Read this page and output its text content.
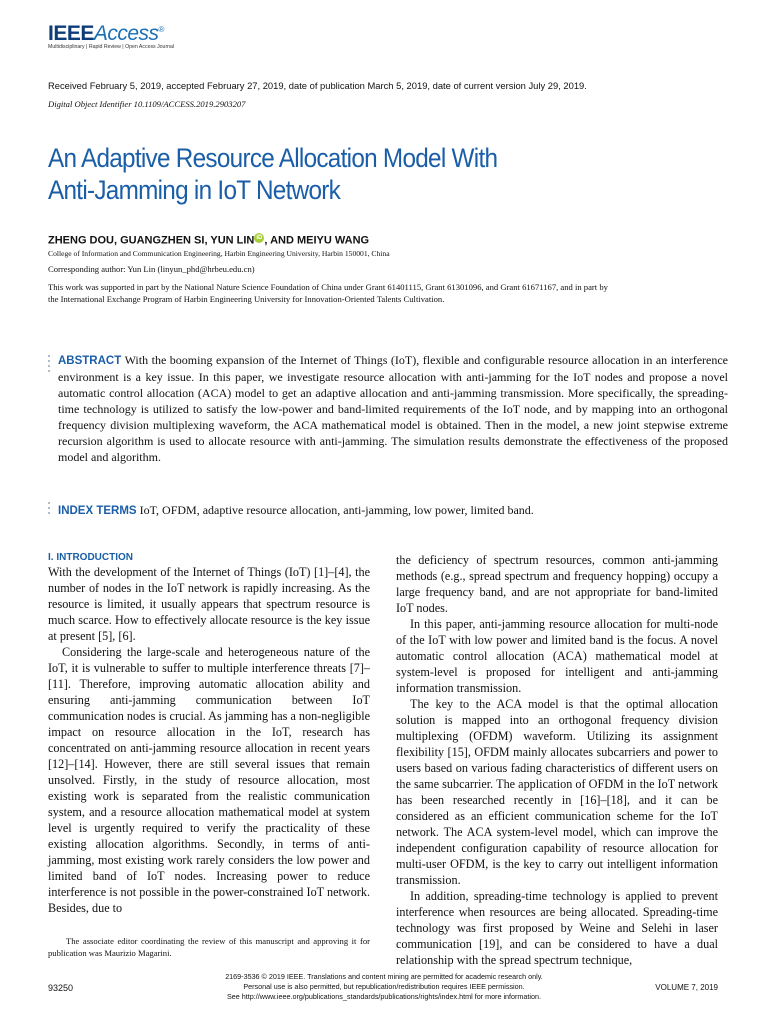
IEEEAccess®
Multidisciplinary | Rapid Review | Open Access Journal
Received February 5, 2019, accepted February 27, 2019, date of publication March 5, 2019, date of current version July 29, 2019.
Digital Object Identifier 10.1109/ACCESS.2019.2903207
An Adaptive Resource Allocation Model With
Anti-Jamming in IoT Network
ZHENG DOU, GUANGZHEN SI, YUN LIN iD , AND MEIYU WANG
College of Information and Communication Engineering, Harbin Engineering University, Harbin 150001, China
Corresponding author: Yun Lin (linyun_phd@hrbeu.edu.cn)
This work was supported in part by the National Nature Science Foundation of China under Grant 61401115, Grant 61301096, and Grant 61671167, and in part by the International Exchange Program of Harbin Engineering University for Innovation-Oriented Talents Cultivation.
ABSTRACT With the booming expansion of the Internet of Things (IoT), flexible and configurable resource allocation in an interference environment is a key issue. In this paper, we investigate resource allocation with anti-jamming for the IoT nodes and propose a novel automatic control allocation (ACA) model to get an adaptive allocation and anti-jamming transmission. More specifically, the spreading-time technology is utilized to satisfy the low-power and band-limited requirements of the IoT node, and by mapping into an orthogonal frequency division multiplexing waveform, the ACA mathematical model is obtained. Then in the model, a new joint stepwise extreme recursion algorithm is used to allocate resource with anti-jamming. The simulation results demonstrate the effectiveness of the proposed model and algorithm.
INDEX TERMS IoT, OFDM, adaptive resource allocation, anti-jamming, low power, limited band.
I. INTRODUCTION

With the development of the Internet of Things (IoT) [1]–[4], the number of nodes in the IoT network is rapidly increasing. As the resource is limited, it usually appears that spectrum resource is much scarce. How to effectively allocate resource is the key issue at present [5], [6].

Considering the large-scale and heterogeneous nature of the IoT, it is vulnerable to suffer to multiple interference threats [7]–[11]. Therefore, improving automatic allocation ability and ensuring anti-jamming communication between IoT communication nodes is crucial. As jamming has a non-negligible impact on resource allocation in the IoT, research has concentrated on anti-jamming resource allocation in recent years [12]–[14]. However, there are still several issues that remain unsolved. Firstly, in the study of resource allocation, most existing work is separated from the realistic communication system, and a resource allocation mathematical model at system level is urgently required to verify the practicality of these existing allocation algorithms. Secondly, in terms of anti-jamming, most existing work rarely considers the low power and limited band of IoT nodes. Increasing power to reduce interference is not possible in the power-constrained IoT network. Besides, due to

The associate editor coordinating the review of this manuscript and approving it for publication was Maurizio Magarini.

the deficiency of spectrum resources, common anti-jamming methods (e.g., spread spectrum and frequency hopping) occupy a large frequency band, and are not appropriate for band-limited IoT nodes.

In this paper, anti-jamming resource allocation for multi-node of the IoT with low power and limited band is the focus. A novel automatic control allocation (ACA) mathematical model at system-level is proposed for intelligent and anti-jamming information transmission.

The key to the ACA model is that the optimal allocation solution is mapped into an orthogonal frequency division multiplexing (OFDM) waveform. Utilizing its assignment flexibility [15], OFDM mainly allocates subcarriers and power to users based on various fading characteristics of different users on the same subcarrier. The application of OFDM in the IoT network has been researched recently in [16]–[18], and it can be considered as an efficient communication scheme for the IoT network. The ACA system-level model, which can improve the independent configuration capability of resource allocation for multi-user OFDM, is the key to carry out intelligent information transmission.

In addition, spreading-time technology is applied to prevent interference when resources are being allocated. Spreading-time technology was first proposed by Weine and Selehi in laser communication [19], and can be considered to have a dual relationship with the spread spectrum technique,

93250
2169-3536 © 2019 IEEE. Translations and content mining are permitted for academic research only.
Personal use is also permitted, but republication/redistribution requires IEEE permission.
See http://www.ieee.org/publications_standards/publications/rights/index.html for more information.
VOLUME 7, 2019
